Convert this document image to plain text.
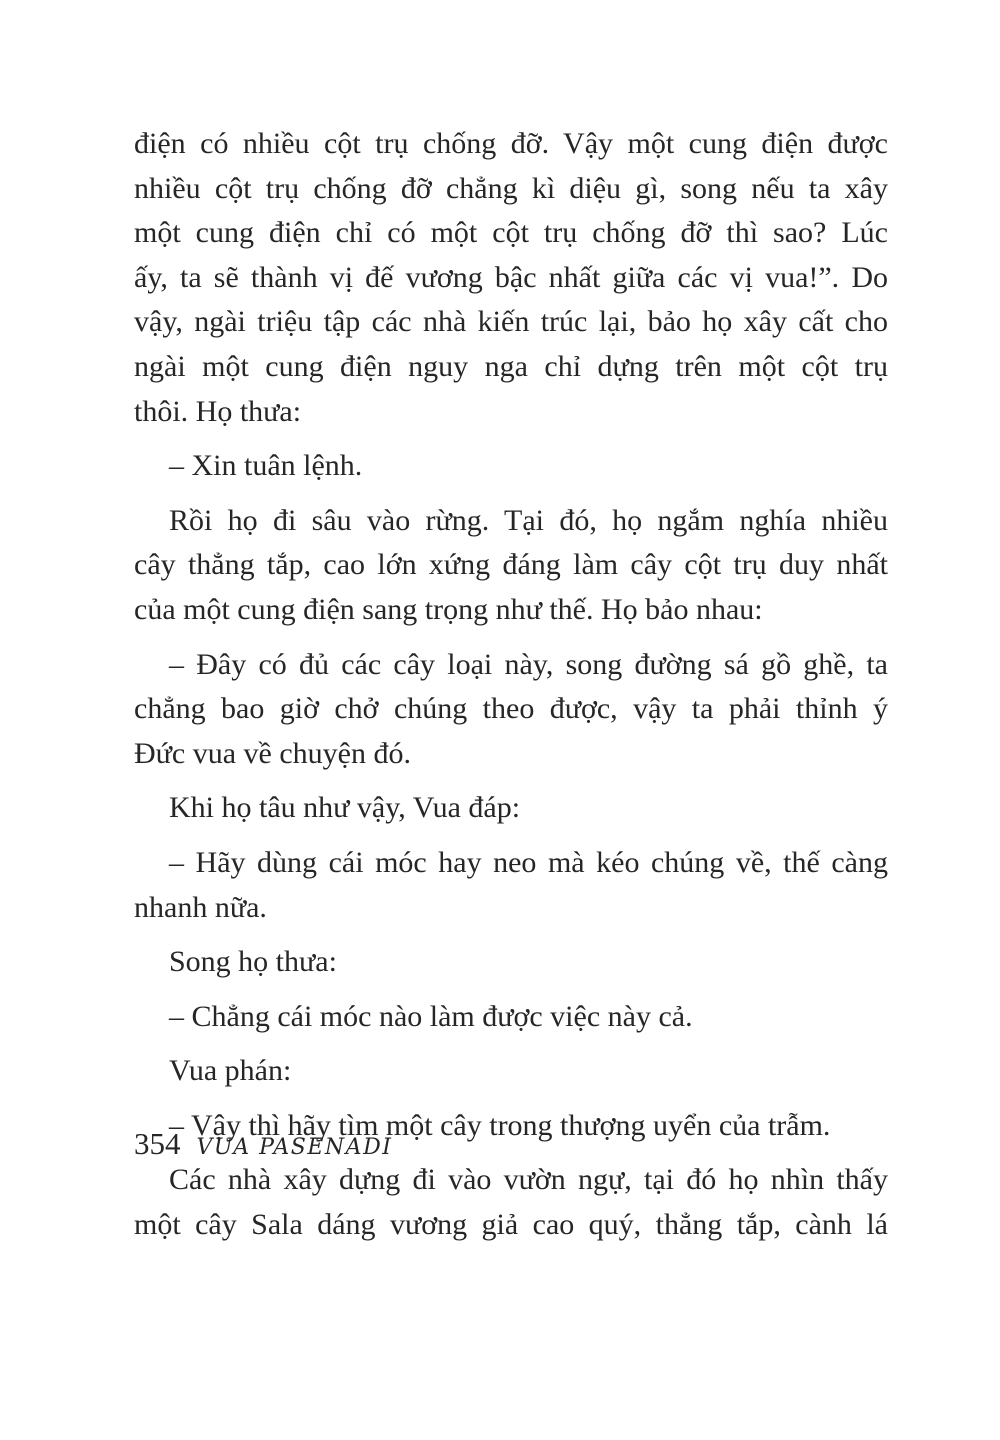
điện có nhiều cột trụ chống đỡ. Vậy một cung điện được
nhiều cột trụ chống đỡ chẳng kì diệu gì, song nếu ta xây
một cung điện chỉ có một cột trụ chống đỡ thì sao? Lúc
ấy, ta sẽ thành vị đế vương bậc nhất giữa các vị vua!”. Do
vậy, ngài triệu tập các nhà kiến trúc lại, bảo họ xây cất cho
ngài một cung điện nguy nga chỉ dựng trên một cột trụ
thôi. Họ thưa:

– Xin tuân lệnh.

Rồi họ đi sâu vào rừng. Tại đó, họ ngắm nghía nhiều
cây thẳng tắp, cao lớn xứng đáng làm cây cột trụ duy nhất
của một cung điện sang trọng như thế. Họ bảo nhau:

– Đây có đủ các cây loại này, song đường sá gồ ghề, ta
chẳng bao giờ chở chúng theo được, vậy ta phải thỉnh ý
Đức vua về chuyện đó.

Khi họ tâu như vậy, Vua đáp:

– Hãy dùng cái móc hay neo mà kéo chúng về, thế càng
nhanh nữa.

Song họ thưa:

– Chẳng cái móc nào làm được việc này cả.

Vua phán:

– Vậy thì hãy tìm một cây trong thượng uyển của trẫm.

Các nhà xây dựng đi vào vườn ngự, tại đó họ nhìn thấy
một cây Sala dáng vương giả cao quý, thẳng tắp, cành lá

354 VUA PASENADI
